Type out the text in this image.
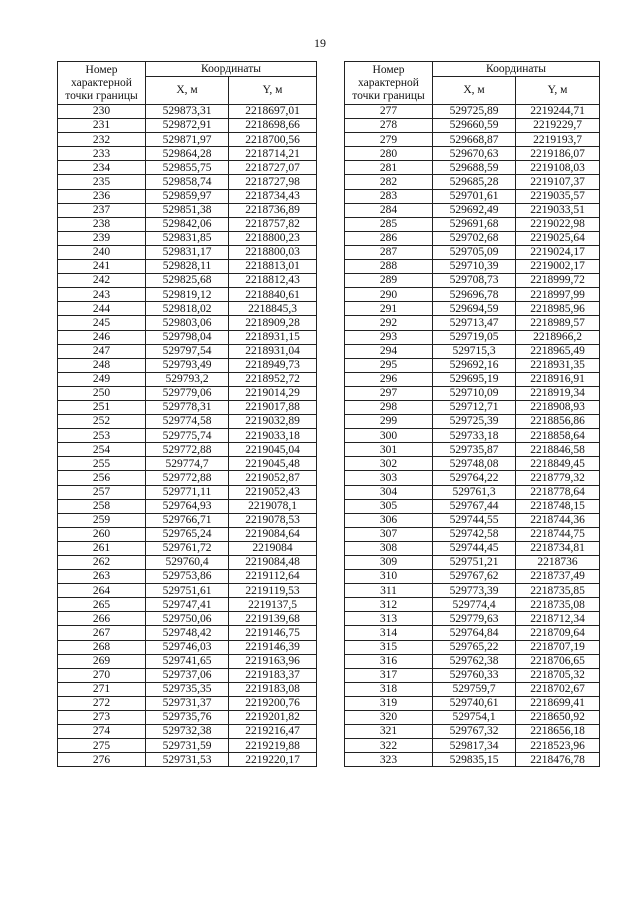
19
Номер характерной точки границы	Координаты	
	X, м	Y, м
230	529873,31	2218697,01
231	529872,91	2218698,66
232	529871,97	2218700,56
233	529864,28	2218714,21
234	529855,75	2218727,07
235	529858,74	2218727,98
236	529859,97	2218734,43
237	529851,38	2218736,89
238	529842,06	2218757,82
239	529831,85	2218800,23
240	529831,17	2218800,03
241	529828,11	2218813,01
242	529825,68	2218812,43
243	529819,12	2218840,61
244	529818,02	2218845,3
245	529803,06	2218909,28
246	529798,04	2218931,15
247	529797,54	2218931,04
248	529793,49	2218949,73
249	529793,2	2218952,72
250	529779,06	2219014,29
251	529778,31	2219017,88
252	529774,58	2219032,89
253	529775,74	2219033,18
254	529772,88	2219045,04
255	529774,7	2219045,48
256	529772,88	2219052,87
257	529771,11	2219052,43
258	529764,93	2219078,1
259	529766,71	2219078,53
260	529765,24	2219084,64
261	529761,72	2219084
262	529760,4	2219084,48
263	529753,86	2219112,64
264	529751,61	2219119,53
265	529747,41	2219137,5
266	529750,06	2219139,68
267	529748,42	2219146,75
268	529746,03	2219146,39
269	529741,65	2219163,96
270	529737,06	2219183,37
271	529735,35	2219183,08
272	529731,37	2219200,76
273	529735,76	2219201,82
274	529732,38	2219216,47
275	529731,59	2219219,88
276	529731,53	2219220,17
Номер характерной точки границы	Координаты	
	X, м	Y, м
277	529725,89	2219244,71
278	529660,59	2219229,7
279	529668,87	2219193,7
280	529670,63	2219186,07
281	529688,59	2219108,03
282	529685,28	2219107,37
283	529701,61	2219035,57
284	529692,49	2219033,51
285	529691,68	2219022,98
286	529702,68	2219025,64
287	529705,09	2219024,17
288	529710,39	2219002,17
289	529708,73	2218999,72
290	529696,78	2218997,99
291	529694,59	2218985,96
292	529713,47	2218989,57
293	529719,05	2218966,2
294	529715,3	2218965,49
295	529692,16	2218931,35
296	529695,19	2218916,91
297	529710,09	2218919,34
298	529712,71	2218908,93
299	529725,39	2218856,86
300	529733,18	2218858,64
301	529735,87	2218846,58
302	529748,08	2218849,45
303	529764,22	2218779,32
304	529761,3	2218778,64
305	529767,44	2218748,15
306	529744,55	2218744,36
307	529742,58	2218744,75
308	529744,45	2218734,81
309	529751,21	2218736
310	529767,62	2218737,49
311	529773,39	2218735,85
312	529774,4	2218735,08
313	529779,63	2218712,34
314	529764,84	2218709,64
315	529765,22	2218707,19
316	529762,38	2218706,65
317	529760,33	2218705,32
318	529759,7	2218702,67
319	529740,61	2218699,41
320	529754,1	2218650,92
321	529767,32	2218656,18
322	529817,34	2218523,96
323	529835,15	2218476,78
